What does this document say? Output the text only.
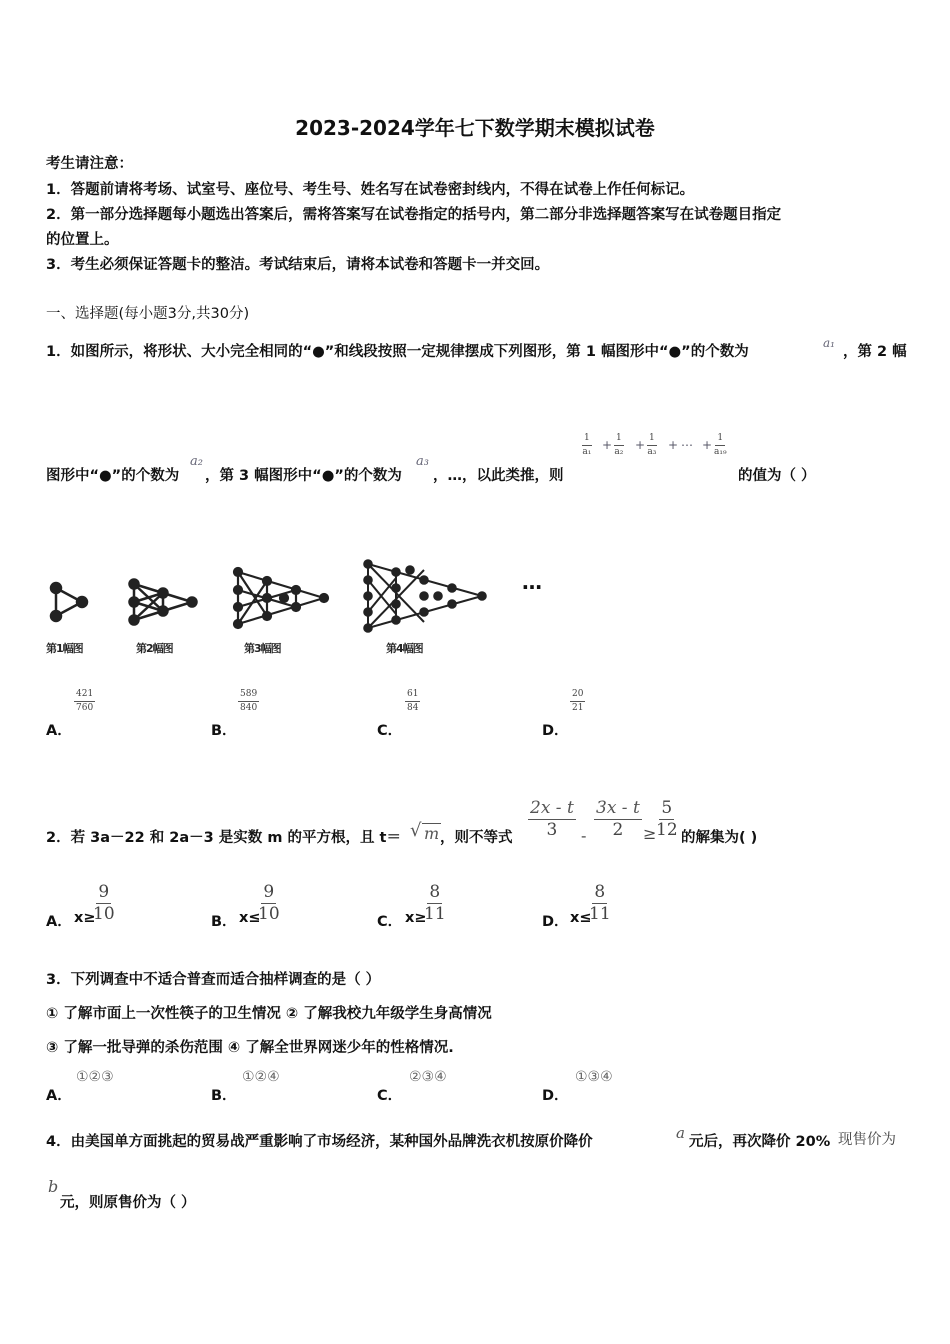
2023-2024学年七下数学期末模拟试卷
考生请注意：
1．答题前请将考场、试室号、座位号、考生号、姓名写在试卷密封线内，不得在试卷上作任何标记。
2．第一部分选择题每小题选出答案后，需将答案写在试卷指定的括号内，第二部分非选择题答案写在试卷题目指定
的位置上。
3．考生必须保证答题卡的整洁。考试结束后，请将本试卷和答题卡一并交回。
一、选择题(每小题3分,共30分)
1．如图所示，将形状、大小完全相同的“●”和线段按照一定规律摆成下列图形，第 1 幅图形中“●”的个数为
a₁
，第 2 幅
图形中“●”的个数为
a₂
，第 3 幅图形中“●”的个数为
a₃
，…，以此类推，则
$\frac{1}{\text{a₁}} + \frac{1}{\text{a₂}} + \frac{1}{\text{a₃}}$ + ⋯ + $\frac{1}{\text{a₁₉}}$
的值为（ ）
…
第1幅图	第2幅图	第3幅图	第4幅图
A．
$\frac{421}{760}$
B．
$\frac{589}{840}$
C．
$\frac{61}{84}$
D．
$\frac{20}{21}$
2．若 3a－22 和 2a－3 是实数 m 的平方根，且 t＝ √ m ，则不等式 $\frac{2x - t}{3} - \frac{3x - t}{2} \ge \frac{5}{12}$ 的解集为( )
A． x≥
$\frac{9}{10}$	B． x≤
$\frac{9}{10}$	C． x≥
$\frac{8}{11}$	D． x≤
$\frac{8}{11}$
3．下列调查中不适合普查而适合抽样调查的是（ ）
① 了解市面上一次性筷子的卫生情况 ② 了解我校九年级学生身高情况
③ 了解一批导弹的杀伤范围 ④ 了解全世界网迷少年的性格情况.
A．
①②③
B．
①②④
C．
②③④
D．
①③④
4．由美国单方面挑起的贸易战严重影响了市场经济，某种国外品牌洗衣机按原价降价	a 元后，再次降价 20% 现售价为
b
元，则原售价为（ ）
